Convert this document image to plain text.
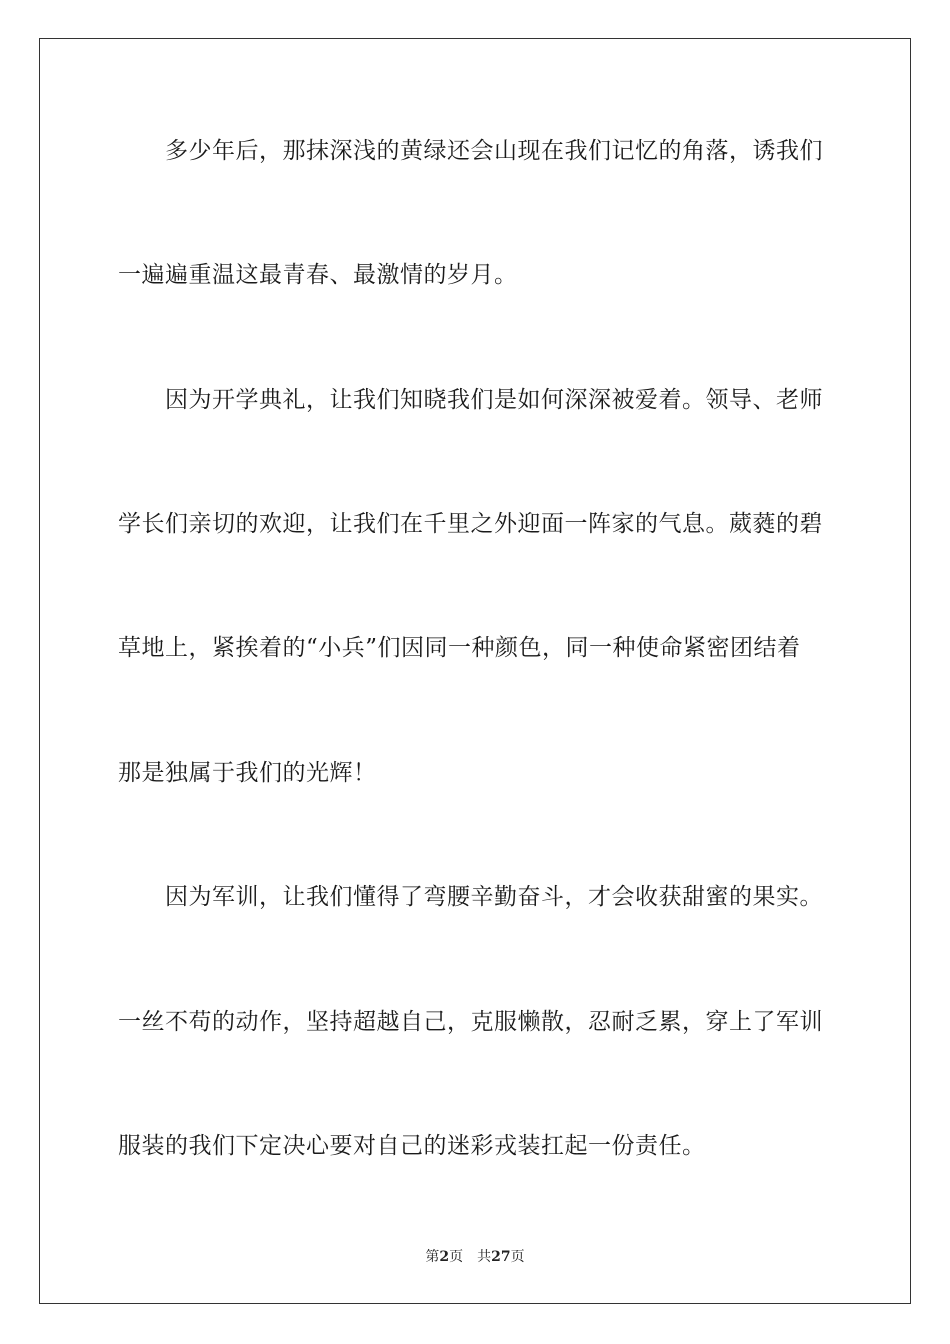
多少年后，那抹深浅的黄绿还会山现在我们记忆的角落，诱我们
一遍遍重温这最青春、最激情的岁月。
因为开学典礼，让我们知晓我们是如何深深被爱着。领导、老师
学长们亲切的欢迎，让我们在千里之外迎面一阵家的气息。葳蕤的碧
草地上，紧挨着的“小兵”们因同一种颜色，同一种使命紧密团结着
那是独属于我们的光辉！
因为军训，让我们懂得了弯腰辛勤奋斗，才会收获甜蜜的果实。
一丝不苟的动作，坚持超越自己，克服懒散，忍耐乏累，穿上了军训
服装的我们下定决心要对自己的迷彩戎装扛起一份责任。
第2页 共27页
